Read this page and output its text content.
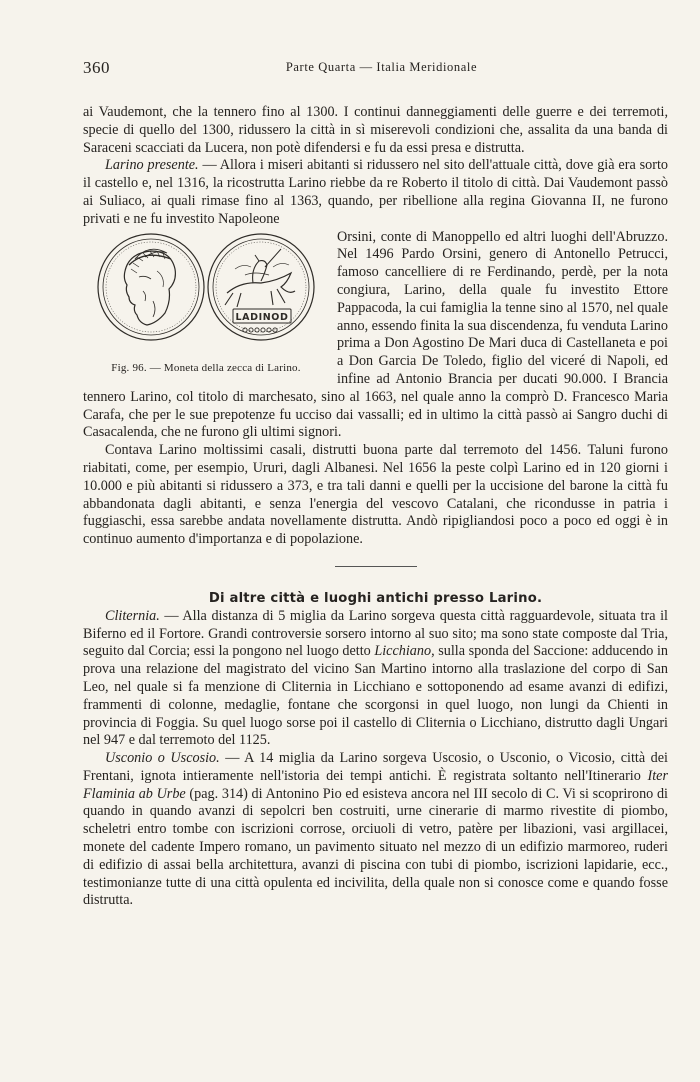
360	Parte Quarta — Italia Meridionale

ai Vaudemont, che la tennero fino al 1300. I continui danneggiamenti delle guerre e dei terremoti, specie di quello del 1300, ridussero la città in sì miserevoli condizioni che, assalita da una banda di Saraceni scacciati da Lucera, non potè difendersi e fu da essi presa e distrutta.

Larino presente. — Allora i miseri abitanti si ridussero nel sito dell'attuale città, dove già era sorto il castello e, nel 1316, la ricostrutta Larino riebbe da re Roberto il titolo di città. Dai Vaudemont passò ai Suliaco, ai quali rimase fino al 1363, quando, per ribellione alla regina Giovanna II, ne furono privati e ne fu investito Napoleone

LADINOD
Fig. 96. — Moneta della zecca di Larino.

Orsini, conte di Manoppello ed altri luoghi dell'Abruzzo. Nel 1496 Pardo Orsini, genero di Antonello Petrucci, famoso cancelliere di re Ferdinando, perdè, per la nota congiura, Larino, della quale fu investito Ettore Pappacoda, la cui famiglia la tenne sino al 1570, nel quale anno, essendo finita la sua discendenza, fu venduta Larino prima a Don Agostino De Mari duca di Castellaneta e poi a Don Garcia De Toledo, figlio del viceré di Napoli, ed infine ad Antonio Brancia per ducati 90.000. I Brancia tennero Larino, col titolo di marchesato, sino al 1663, nel quale anno la comprò D. Francesco Maria Carafa, che per le sue prepotenze fu ucciso dai vassalli; ed in ultimo la città passò ai Sangro duchi di Casacalenda, che ne furono gli ultimi signori.

Contava Larino moltissimi casali, distrutti buona parte dal terremoto del 1456. Taluni furono riabitati, come, per esempio, Ururi, dagli Albanesi. Nel 1656 la peste colpì Larino ed in 120 giorni i 10.000 e più abitanti si ridussero a 373, e tra tali danni e quelli per la uccisione del barone la città fu abbandonata dagli abitanti, e senza l'energia del vescovo Catalani, che ricondusse in patria i fuggiaschi, essa sarebbe andata novellamente distrutta. Andò ripigliandosi poco a poco ed oggi è in continuo aumento d'importanza e di popolazione.

Di altre città e luoghi antichi presso Larino.

Cliternia. — Alla distanza di 5 miglia da Larino sorgeva questa città ragguardevole, situata tra il Biferno ed il Fortore. Grandi controversie sorsero intorno al suo sito; ma sono state composte dal Tria, seguito dal Corcia; essi la pongono nel luogo detto Licchiano, sulla sponda del Saccione: adducendo in prova una relazione del magistrato del vicino San Martino intorno alla traslazione del corpo di San Leo, nel quale si fa menzione di Cliternia in Licchiano e sottoponendo ad esame avanzi di edifizi, frammenti di colonne, medaglie, fontane che scorgonsi in quel luogo, non lungi da Chienti in provincia di Foggia. Su quel luogo sorse poi il castello di Cliternia o Licchiano, distrutto dagli Ungari nel 947 e dal terremoto del 1125.

Usconio o Uscosio. — A 14 miglia da Larino sorgeva Uscosio, o Usconio, o Vicosio, città dei Frentani, ignota intieramente nell'istoria dei tempi antichi. È registrata soltanto nell'Itinerario Iter Flaminia ab Urbe (pag. 314) di Antonino Pio ed esisteva ancora nel III secolo di C. Vi si scoprirono di quando in quando avanzi di sepolcri ben costruiti, urne cinerarie di marmo rivestite di piombo, scheletri entro tombe con iscrizioni corrose, orciuoli di vetro, patère per libazioni, vasi argillacei, monete del cadente Impero romano, un pavimento situato nel mezzo di un edifizio marmoreo, ruderi di edifizio di assai bella architettura, avanzi di piscina con tubi di piombo, iscrizioni lapidarie, ecc., testimonianze tutte di una città opulenta ed incivilita, della quale non si conosce come e quando fosse distrutta.
